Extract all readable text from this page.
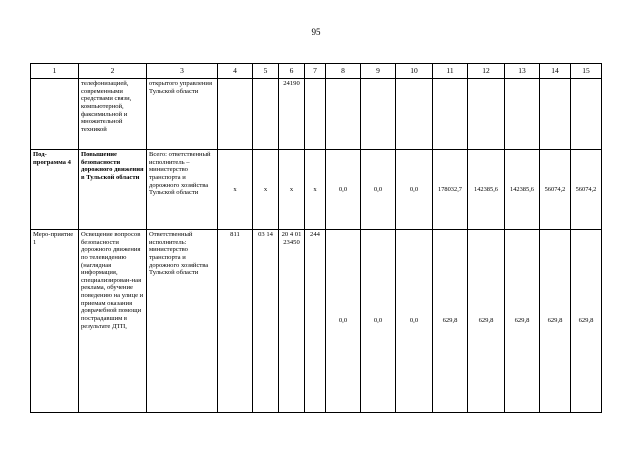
95
1	2	3	4	5	6	7	8	9	10	11	12	13	14	15
	телефонизацией, современными средствами связи, компьютерной, факсимильной и множительной техникой	открытого управления Тульской области			24190									
Под-программа 4	Повышение безопасности дорожного движения в Тульской области	Всего: ответственный исполнитель – министерство транспорта и дорожного хозяйства Тульской области	x	x	x	x	0,0	0,0	0,0	178032,7	142385,6	142385,6	56074,2	56074,2
Меро-приятие 1	Освещение вопросов безопасности дорожного движения по телевидению (наглядная информация, специализирован-ная реклама, обучение поведению на улице и приемам оказания доврачебной помощи пострадавшим в результате ДТП,	Ответственный исполнитель: министерство транспорта и дорожного хозяйства Тульской области	811	03 14	20 4 01 23450	244	0,0	0,0	0,0	629,8	629,8	629,8	629,8	629,8
